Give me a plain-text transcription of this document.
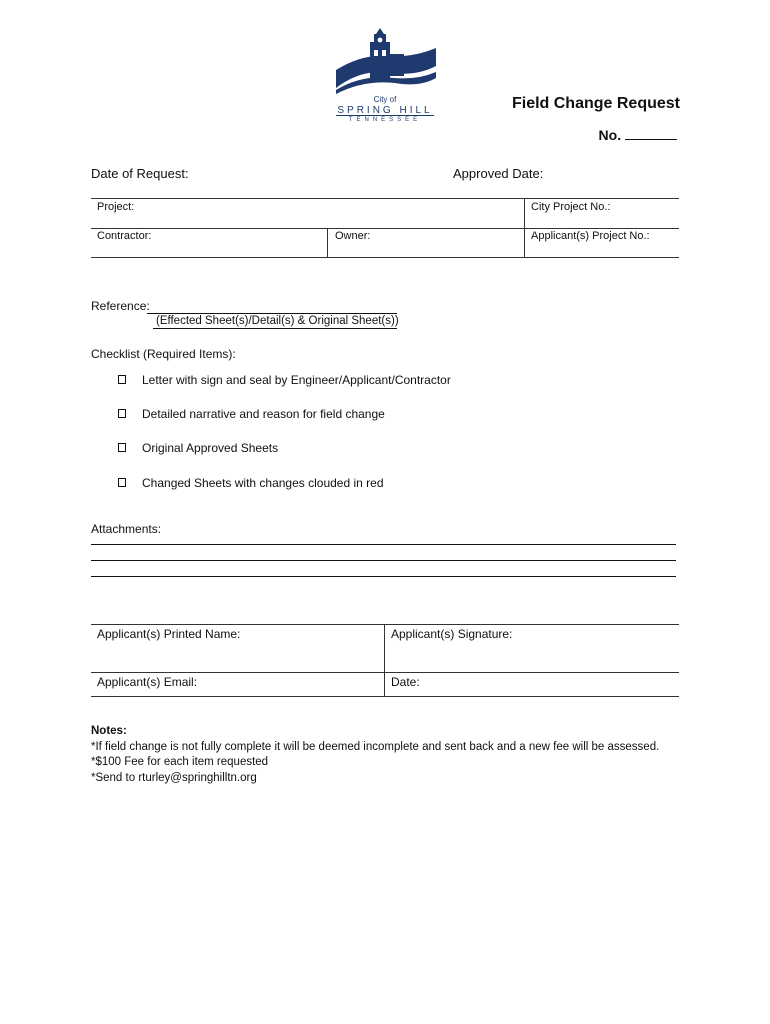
City of
SPRING HILL
TENNESSEE
Field Change Request
No.
Date of Request:	Approved Date:
Project:	City Project No.:
Contractor:	Owner:	Applicant(s) Project No.:
Reference:
(Effected Sheet(s)/Detail(s) & Original Sheet(s))
Checklist (Required Items):
Letter with sign and seal by Engineer/Applicant/Contractor
Detailed narrative and reason for field change
Original Approved Sheets
Changed Sheets with changes clouded in red
Attachments:
Applicant(s) Printed Name:	Applicant(s) Signature:
Applicant(s) Email:	Date:
Notes:
*If field change is not fully complete it will be deemed incomplete and sent back and a new fee will be assessed.
*$100 Fee for each item requested
*Send to rturley@springhilltn.org
